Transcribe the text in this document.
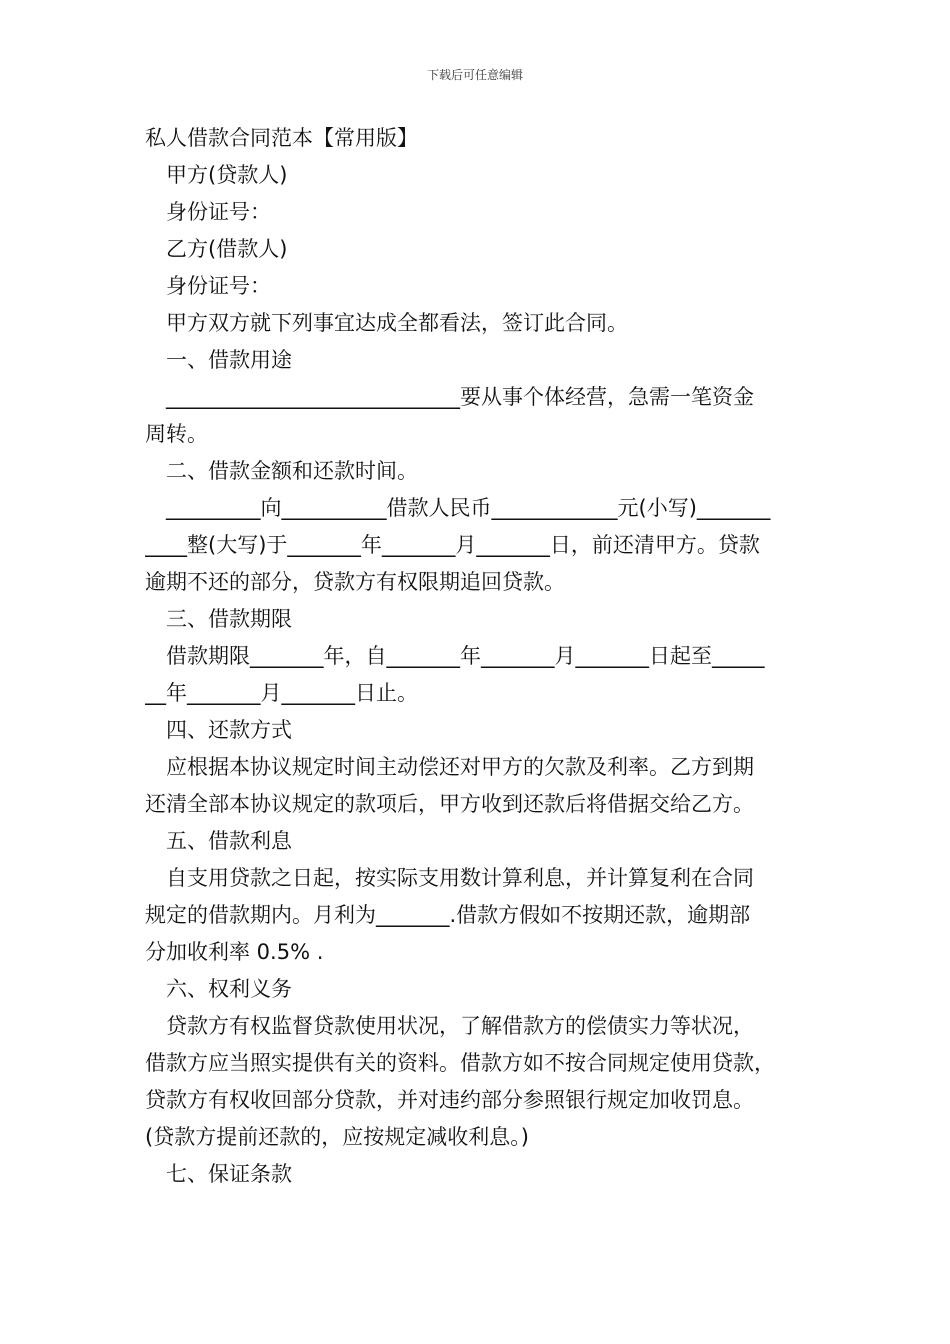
下载后可任意编辑
私人借款合同范本【常用版】
甲方(贷款人)
身份证号：
乙方(借款人)
身份证号：
甲方双方就下列事宜达成全都看法，签订此合同。
一、借款用途
____________________________要从事个体经营，急需一笔资金
周转。
二、借款金额和还款时间。
_________向__________借款人民币____________元(小写)_______
____整(大写)于_______年_______月_______日，前还清甲方。贷款
逾期不还的部分，贷款方有权限期追回贷款。
三、借款期限
借款期限_______年，自_______年_______月_______日起至_____
__年_______月_______日止。
四、还款方式
应根据本协议规定时间主动偿还对甲方的欠款及利率。乙方到期
还清全部本协议规定的款项后，甲方收到还款后将借据交给乙方。
五、借款利息
自支用贷款之日起，按实际支用数计算利息，并计算复利在合同
规定的借款期内。月利为_______.借款方假如不按期还款，逾期部
分加收利率 0.5% .
六、权利义务
贷款方有权监督贷款使用状况，了解借款方的偿债实力等状况，
借款方应当照实提供有关的资料。借款方如不按合同规定使用贷款，
贷款方有权收回部分贷款，并对违约部分参照银行规定加收罚息。
(贷款方提前还款的，应按规定减收利息。)
七、保证条款
